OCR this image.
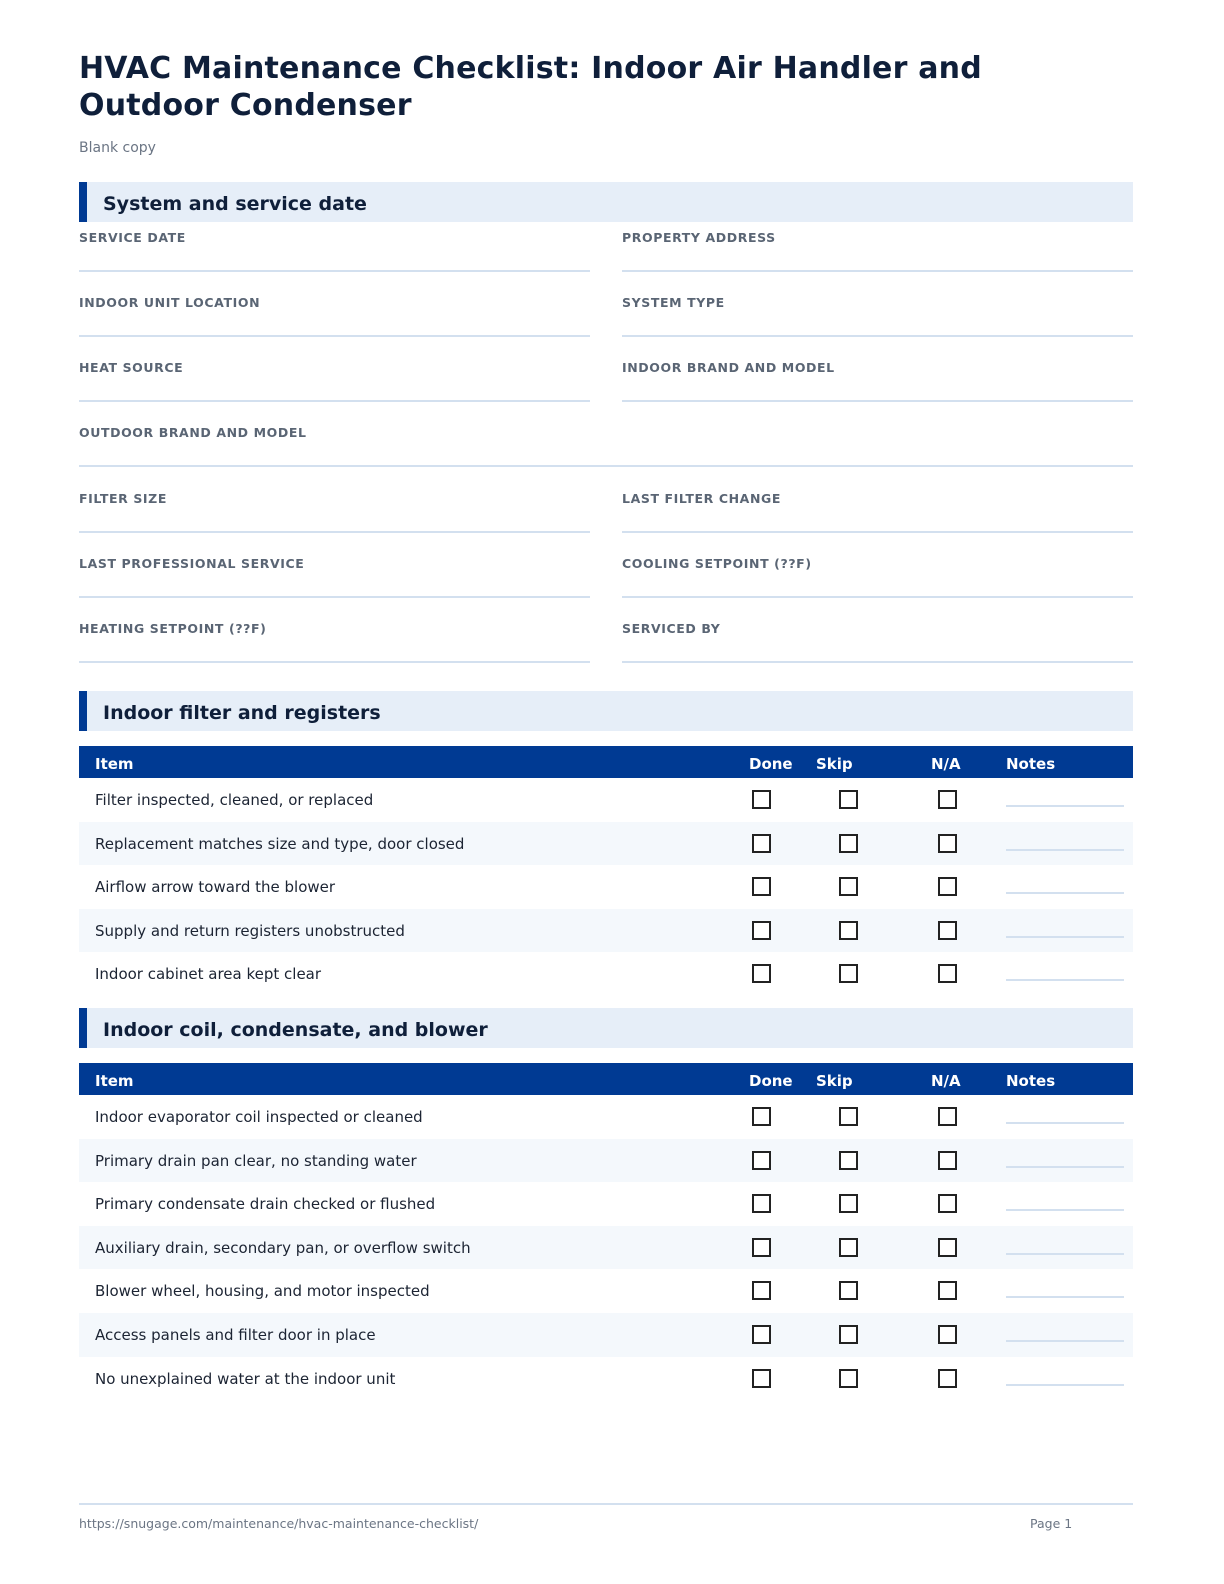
HVAC Maintenance Checklist: Indoor Air Handler and Outdoor Condenser
Blank copy
System and service date
SERVICE DATE	PROPERTY ADDRESS
INDOOR UNIT LOCATION	SYSTEM TYPE
HEAT SOURCE	INDOOR BRAND AND MODEL
OUTDOOR BRAND AND MODEL
FILTER SIZE	LAST FILTER CHANGE
LAST PROFESSIONAL SERVICE	COOLING SETPOINT (??F)
HEATING SETPOINT (??F)	SERVICED BY
Indoor filter and registers
Item	Done Skip	N/A	Notes
Filter inspected, cleaned, or replaced
Replacement matches size and type, door closed
Airflow arrow toward the blower
Supply and return registers unobstructed
Indoor cabinet area kept clear
Indoor coil, condensate, and blower
Item	Done Skip	N/A	Notes
Indoor evaporator coil inspected or cleaned
Primary drain pan clear, no standing water
Primary condensate drain checked or flushed
Auxiliary drain, secondary pan, or overflow switch
Blower wheel, housing, and motor inspected
Access panels and filter door in place
No unexplained water at the indoor unit
https://snugage.com/maintenance/hvac-maintenance-checklist/	Page 1
